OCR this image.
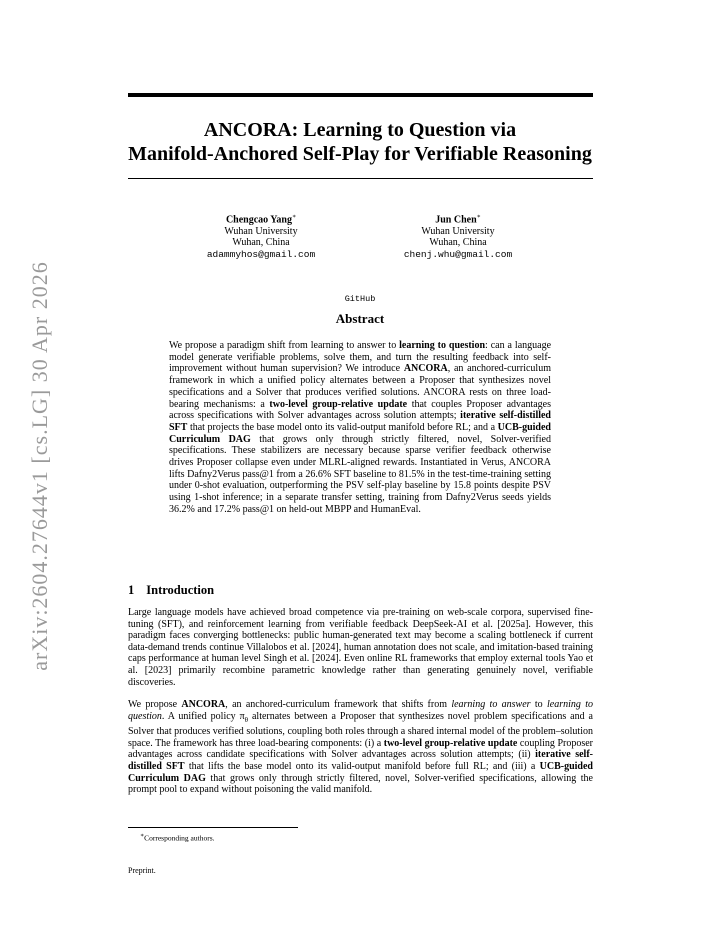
arXiv:2604.27644v1 [cs.LG] 30 Apr 2026
ANCORA: Learning to Question via
Manifold-Anchored Self-Play for Verifiable Reasoning
Chengcao Yang∗
Wuhan University
Wuhan, China
adammyhos@gmail.com
Jun Chen∗
Wuhan University
Wuhan, China
chenj.whu@gmail.com
GitHub
Abstract

We propose a paradigm shift from learning to answer to learning to question: can a language model generate verifiable problems, solve them, and turn the resulting feedback into self-improvement without human supervision? We introduce ANCORA, an anchored-curriculum framework in which a unified policy alternates between a Proposer that synthesizes novel specifications and a Solver that produces verified solutions. ANCORA rests on three load-bearing mechanisms: a two-level group-relative update that couples Proposer advantages across specifications with Solver advantages across solution attempts; iterative self-distilled SFT that projects the base model onto its valid-output manifold before RL; and a UCB-guided Curriculum DAG that grows only through strictly filtered, novel, Solver-verified specifications. These stabilizers are necessary because sparse verifier feedback otherwise drives Proposer collapse even under MLRL-aligned rewards. Instantiated in Verus, ANCORA lifts Dafny2Verus pass@1 from a 26.6% SFT baseline to 81.5% in the test-time-training setting under 0-shot evaluation, outperforming the PSV self-play baseline by 15.8 points despite PSV using 1-shot inference; in a separate transfer setting, training from Dafny2Verus seeds yields 36.2% and 17.2% pass@1 on held-out MBPP and HumanEval.

1 Introduction

Large language models have achieved broad competence via pre-training on web-scale corpora, supervised fine-tuning (SFT), and reinforcement learning from verifiable feedback DeepSeek-AI et al. [2025a]. However, this paradigm faces converging bottlenecks: public human-generated text may become a scaling bottleneck if current data-demand trends continue Villalobos et al. [2024], human annotation does not scale, and imitation-based training caps performance at human level Singh et al. [2024]. Even online RL frameworks that employ external tools Yao et al. [2023] primarily recombine parametric knowledge rather than generating genuinely novel, verifiable discoveries.

We propose ANCORA, an anchored-curriculum framework that shifts from learning to answer to learning to question. A unified policy $\pi_\theta$ alternates between a Proposer that synthesizes novel problem specifications and a Solver that produces verified solutions, coupling both roles through a shared internal model of the problem–solution space. The framework has three load-bearing components: (i) a two-level group-relative update coupling Proposer advantages across candidate specifications with Solver advantages across solution attempts; (ii) iterative self-distilled SFT that lifts the base model onto its valid-output manifold before full RL; and (iii) a UCB-guided Curriculum DAG that grows only through strictly filtered, novel, Solver-verified specifications, allowing the prompt pool to expand without poisoning the valid manifold.

∗Corresponding authors.
Preprint.
